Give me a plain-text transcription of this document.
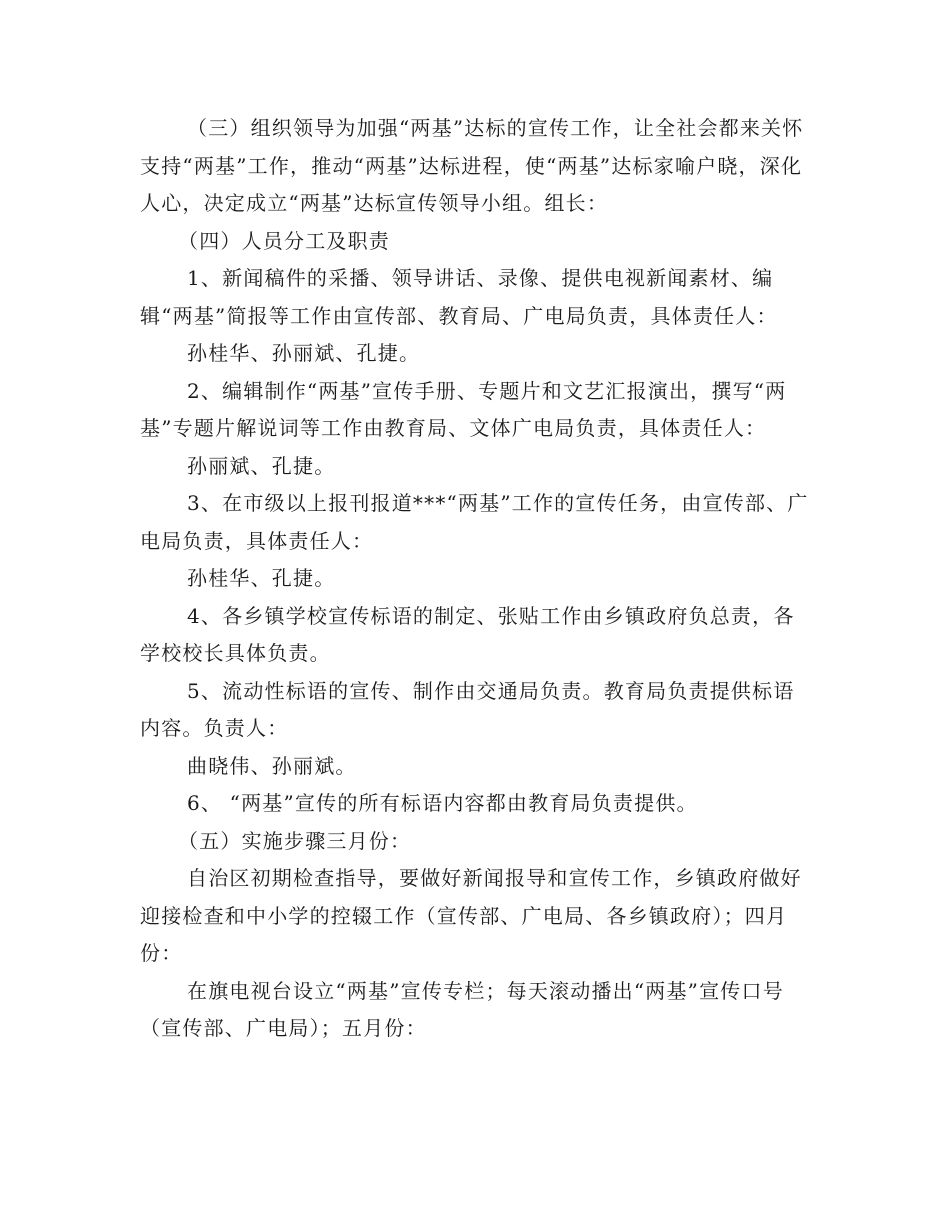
（三）组织领导为加强“两基”达标的宣传工作，让全社会都来关怀支持“两基”工作，推动“两基”达标进程，使“两基”达标家喻户晓，深化人心，决定成立“两基”达标宣传领导小组。组长：

（四）人员分工及职责

1、新闻稿件的采播、领导讲话、录像、提供电视新闻素材、编辑“两基”简报等工作由宣传部、教育局、广电局负责，具体责任人：

孙桂华、孙丽斌、孔捷。

2、编辑制作“两基”宣传手册、专题片和文艺汇报演出，撰写“两基”专题片解说词等工作由教育局、文体广电局负责，具体责任人：

孙丽斌、孔捷。

3、在市级以上报刊报道***“两基”工作的宣传任务，由宣传部、广电局负责，具体责任人：

孙桂华、孔捷。

4、各乡镇学校宣传标语的制定、张贴工作由乡镇政府负总责，各学校校长具体负责。

5、流动性标语的宣传、制作由交通局负责。教育局负责提供标语内容。负责人：

曲晓伟、孙丽斌。

6、 “两基”宣传的所有标语内容都由教育局负责提供。

（五）实施步骤三月份：

自治区初期检查指导，要做好新闻报导和宣传工作，乡镇政府做好迎接检查和中小学的控辍工作（宣传部、广电局、各乡镇政府）；四月份：

在旗电视台设立“两基”宣传专栏；每天滚动播出“两基”宣传口号（宣传部、广电局）；五月份：
